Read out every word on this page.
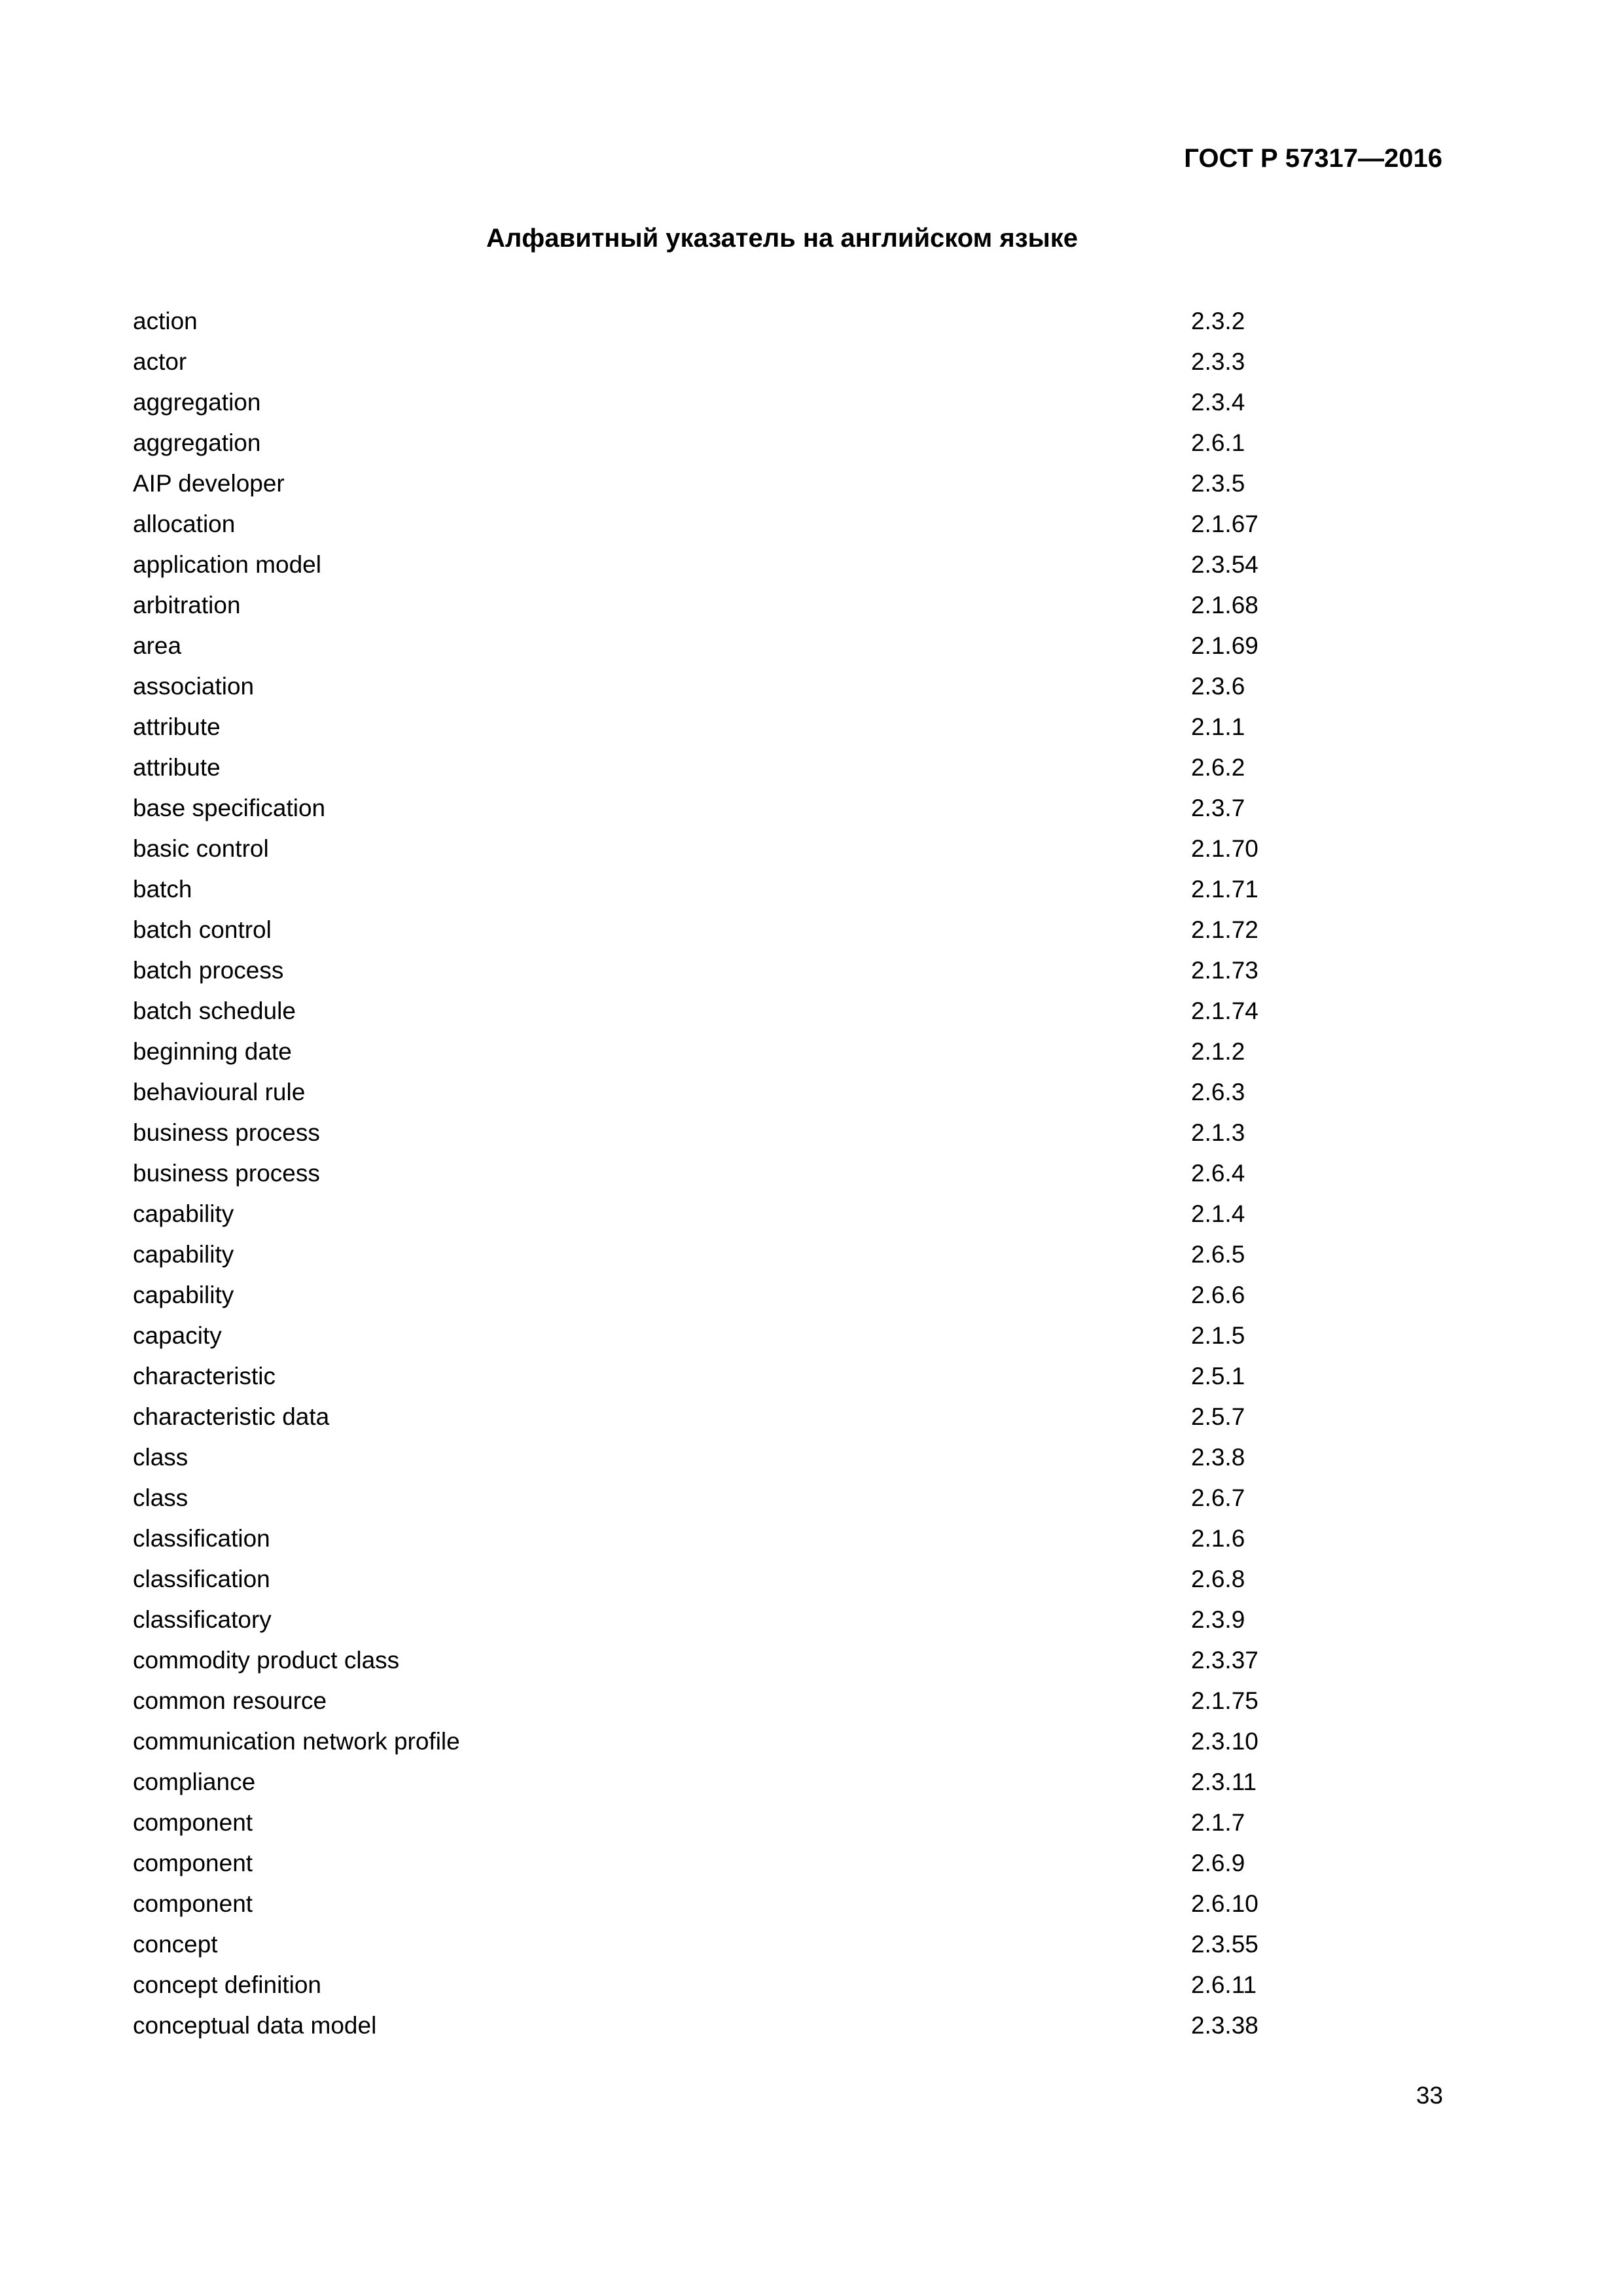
ГОСТ Р 57317—2016
Алфавитный указатель на английском языке
action	2.3.2
actor	2.3.3
aggregation	2.3.4
aggregation	2.6.1
AIP developer	2.3.5
allocation	2.1.67
application model	2.3.54
arbitration	2.1.68
area	2.1.69
association	2.3.6
attribute	2.1.1
attribute	2.6.2
base specification	2.3.7
basic control	2.1.70
batch	2.1.71
batch control	2.1.72
batch process	2.1.73
batch schedule	2.1.74
beginning date	2.1.2
behavioural rule	2.6.3
business process	2.1.3
business process	2.6.4
capability	2.1.4
capability	2.6.5
capability	2.6.6
capacity	2.1.5
characteristic	2.5.1
characteristic data	2.5.7
class	2.3.8
class	2.6.7
classification	2.1.6
classification	2.6.8
classificatory	2.3.9
commodity product class	2.3.37
common resource	2.1.75
communication network profile	2.3.10
compliance	2.3.11
component	2.1.7
component	2.6.9
component	2.6.10
concept	2.3.55
concept definition	2.6.11
conceptual data model	2.3.38
33
